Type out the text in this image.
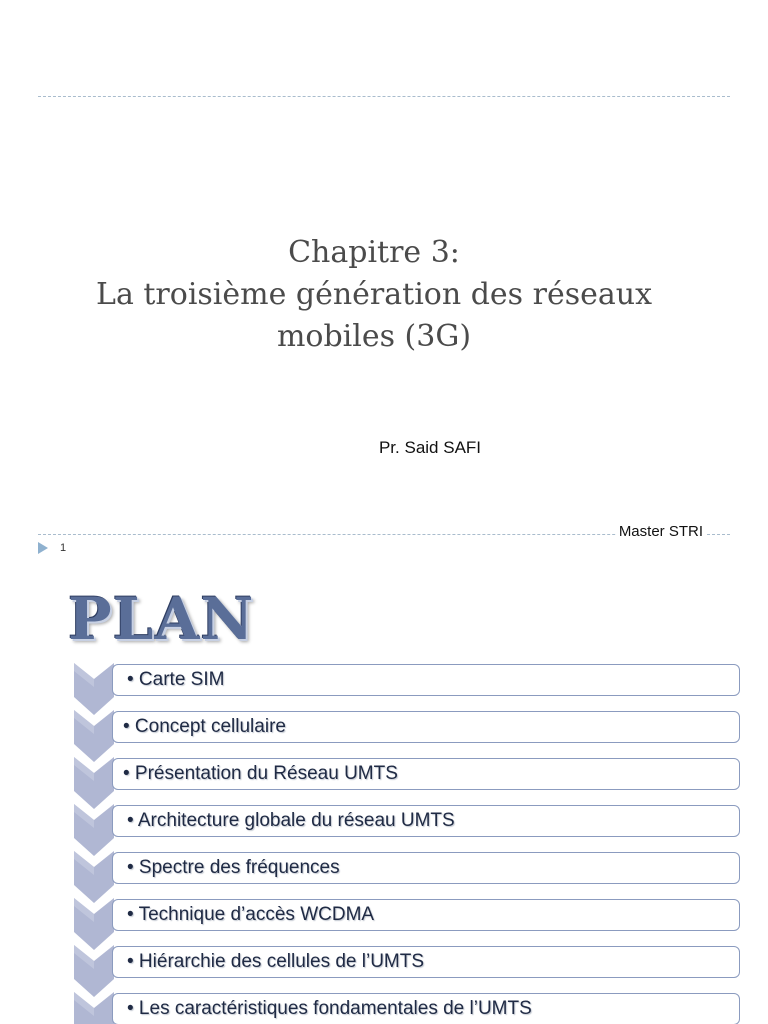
Chapitre 3:
La troisième génération des réseaux
mobiles (3G)
Pr. Said SAFI
Master STRI
1
PLAN
• Carte SIM
• Concept cellulaire
• Présentation du Réseau UMTS
• Architecture globale du réseau UMTS
• Spectre des fréquences
• Technique d’accès WCDMA
• Hiérarchie des cellules de l’UMTS
• Les caractéristiques fondamentales de l’UMTS
